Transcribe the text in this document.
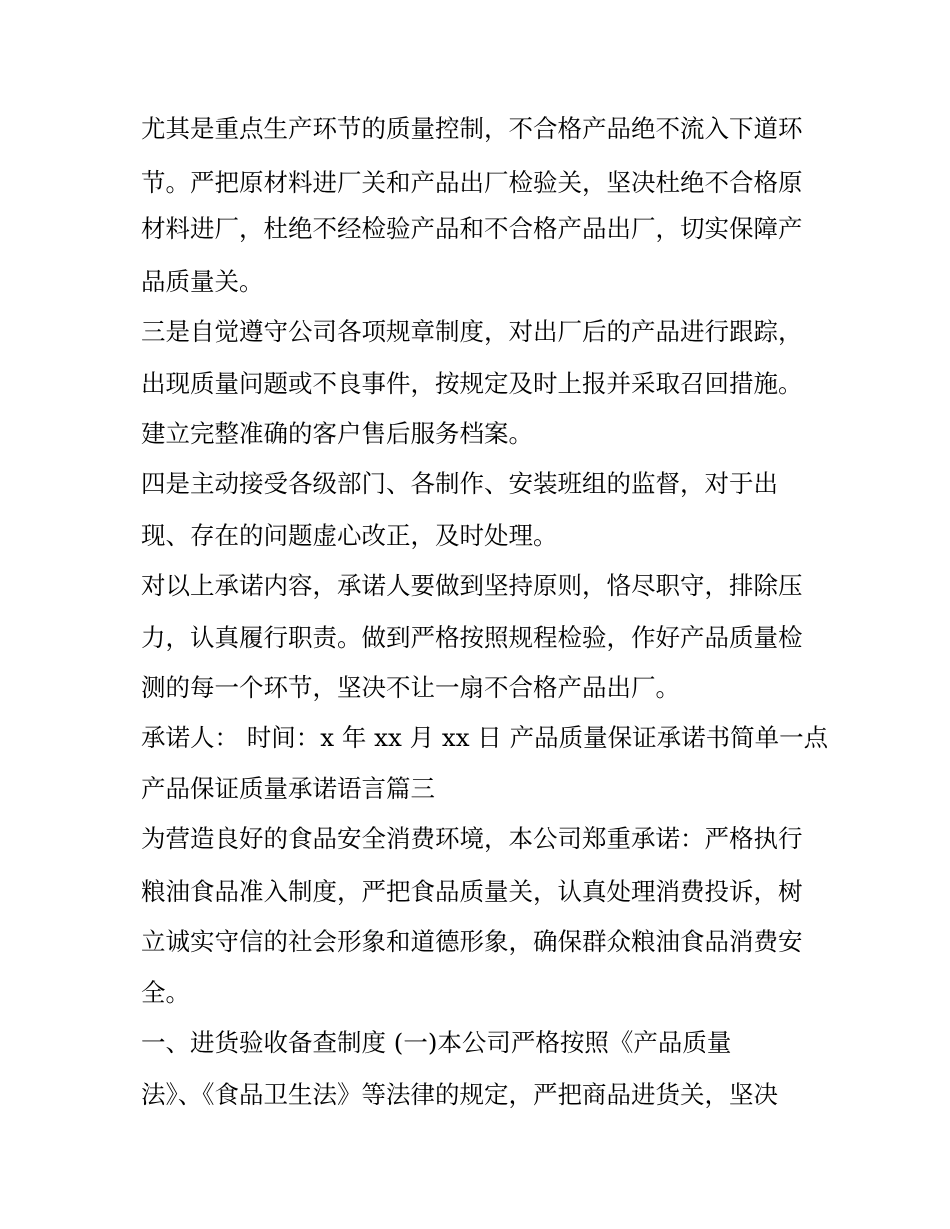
尤其是重点生产环节的质量控制，不合格产品绝不流入下道环
节。严把原材料进厂关和产品出厂检验关，坚决杜绝不合格原
材料进厂，杜绝不经检验产品和不合格产品出厂，切实保障产
品质量关。
三是自觉遵守公司各项规章制度，对出厂后的产品进行跟踪，
出现质量问题或不良事件，按规定及时上报并采取召回措施。
建立完整准确的客户售后服务档案。
四是主动接受各级部门、各制作、安装班组的监督，对于出
现、存在的问题虚心改正，及时处理。
对以上承诺内容，承诺人要做到坚持原则，恪尽职守，排除压
力，认真履行职责。做到严格按照规程检验，作好产品质量检
测的每一个环节，坚决不让一扇不合格产品出厂。
承诺人： 时间：x 年 xx 月 xx 日 产品质量保证承诺书简单一点
产品保证质量承诺语言篇三
为营造良好的食品安全消费环境，本公司郑重承诺：严格执行
粮油食品准入制度，严把食品质量关，认真处理消费投诉，树
立诚实守信的社会形象和道德形象，确保群众粮油食品消费安
全。
一、进货验收备查制度 (一)本公司严格按照《产品质量
法》、《食品卫生法》等法律的规定，严把商品进货关，坚决
